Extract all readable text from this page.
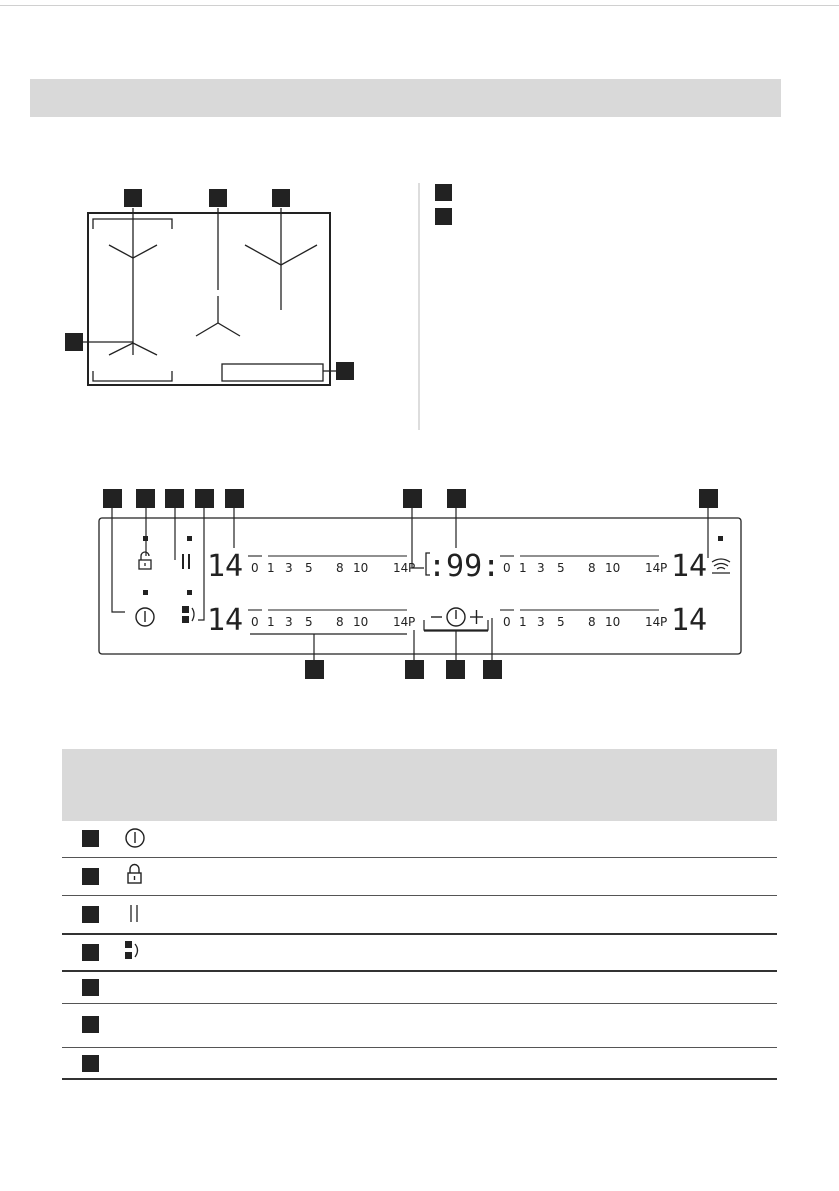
14
14
14
14
:99:
0 1 3 5 8 10 14 P
0 1 3 5 8 10 14 P
0 1 3 5 8 10 14 P
0 1 3 5 8 10 14 P
